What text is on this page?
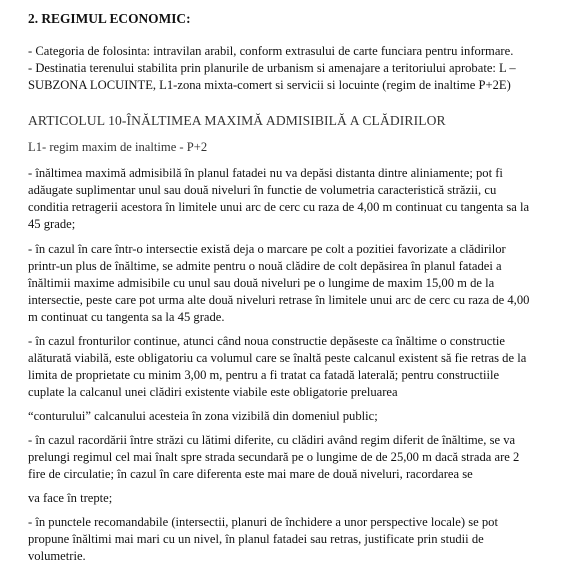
2. REGIMUL ECONOMIC:
- Categoria de folosinta: intravilan arabil, conform extrasului de carte funciara pentru informare.
- Destinatia terenului stabilita prin planurile de urbanism si amenajare a teritoriului aprobate: L –
SUBZONA LOCUINTE, L1-zona mixta-comert si servicii si locuinte (regim de inaltime P+2E)
ARTICOLUL 10-ÎNĂLTIMEA MAXIMĂ ADMISIBILĂ A CLĂDIRILOR
L1- regim maxim de inaltime - P+2
- înăltimea maximă admisibilă în planul fatadei nu va depăsi distanta dintre aliniamente; pot fi
adăugate suplimentar unul sau două niveluri în functie de volumetria caracteristică străzii, cu
conditia retragerii acestora în limitele unui arc de cerc cu raza de 4,00 m continuat cu tangenta sa la
45 grade;
- în cazul în care într-o intersectie există deja o marcare pe colt a pozitiei favorizate a clădirilor
printr-un plus de înăltime, se admite pentru o nouă clădire de colt depăsirea în planul fatadei a
înăltimii maxime admisibile cu unul sau două niveluri pe o lungime de maxim 15,00 m de la
intersectie, peste care pot urma alte două niveluri retrase în limitele unui arc de cerc cu raza de 4,00
m continuat cu tangenta sa la 45 grade.
- în cazul fronturilor continue, atunci când noua constructie depăseste ca înăltime o constructie
alăturată viabilă, este obligatoriu ca volumul care se înaltă peste calcanul existent să fie retras de la
limita de proprietate cu minim 3,00 m, pentru a fi tratat ca fatadă laterală; pentru constructiile
cuplate la calcanul unei clădiri existente viabile este obligatorie preluarea
“conturului” calcanului acesteia în zona vizibilă din domeniul public;
- în cazul racordării între străzi cu lătimi diferite, cu clădiri având regim diferit de înăltime, se va
prelungi regimul cel mai înalt spre strada secundară pe o lungime de de 25,00 m dacă strada are 2
fire de circulatie; în cazul în care diferenta este mai mare de două niveluri, racordarea se
va face în trepte;
- în punctele recomandabile (intersectii, planuri de închidere a unor perspective locale) se pot
propune înăltimi mai mari cu un nivel, în planul fatadei sau retras, justificate prin studii de
volumetrie.
